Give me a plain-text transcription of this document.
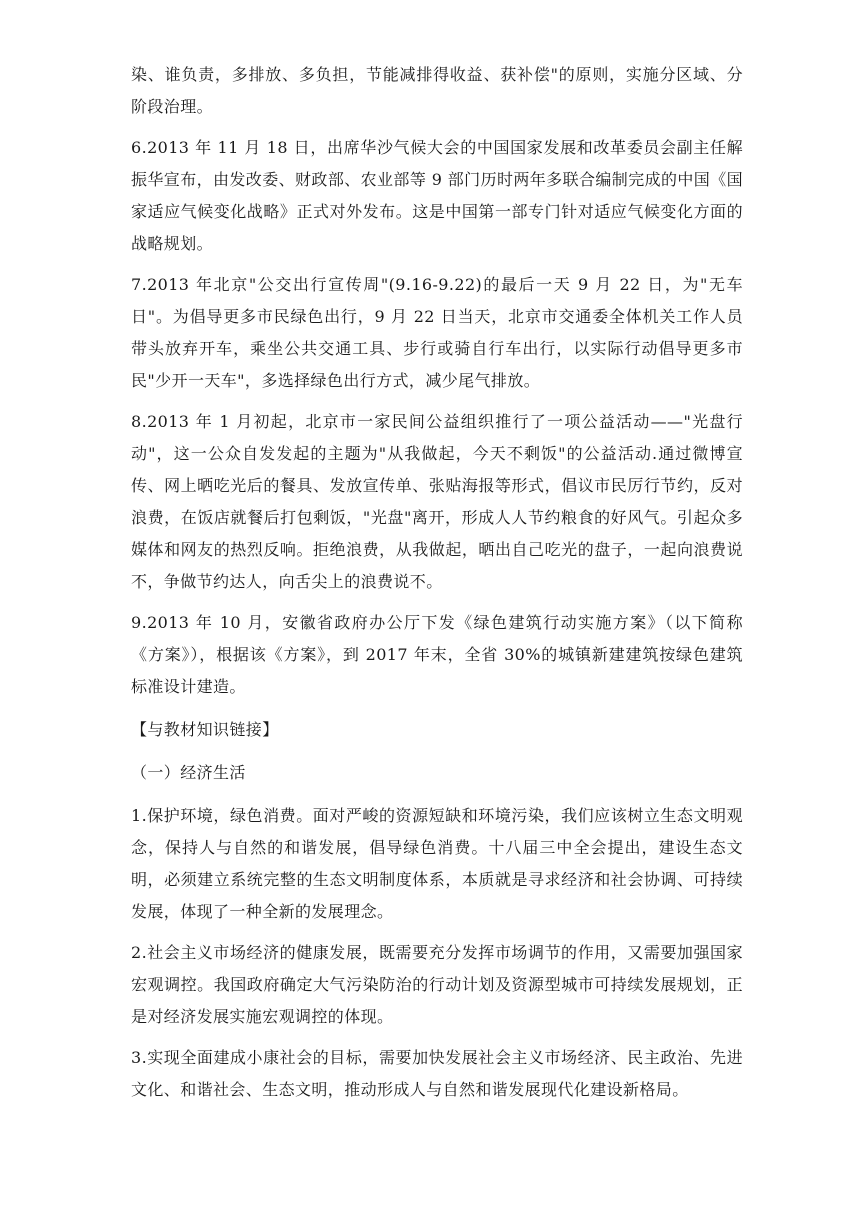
染、谁负责，多排放、多负担，节能减排得收益、获补偿"的原则，实施分区域、分阶段治理。

6.2013 年 11 月 18 日，出席华沙气候大会的中国国家发展和改革委员会副主任解振华宣布，由发改委、财政部、农业部等 9 部门历时两年多联合编制完成的中国《国家适应气候变化战略》正式对外发布。这是中国第一部专门针对适应气候变化方面的战略规划。

7.2013 年北京"公交出行宣传周"(9.16-9.22)的最后一天 9 月 22 日，为"无车日"。为倡导更多市民绿色出行，9 月 22 日当天，北京市交通委全体机关工作人员带头放弃开车，乘坐公共交通工具、步行或骑自行车出行，以实际行动倡导更多市民"少开一天车"，多选择绿色出行方式，减少尾气排放。

8.2013 年 1 月初起，北京市一家民间公益组织推行了一项公益活动——"光盘行动"，这一公众自发发起的主题为"从我做起，今天不剩饭"的公益活动.通过微博宣传、网上晒吃光后的餐具、发放宣传单、张贴海报等形式，倡议市民厉行节约，反对浪费，在饭店就餐后打包剩饭，"光盘"离开，形成人人节约粮食的好风气。引起众多媒体和网友的热烈反响。拒绝浪费，从我做起，晒出自己吃光的盘子，一起向浪费说不，争做节约达人，向舌尖上的浪费说不。

9.2013 年 10 月，安徽省政府办公厅下发《绿色建筑行动实施方案》（以下简称《方案》），根据该《方案》，到 2017 年末，全省 30%的城镇新建建筑按绿色建筑标准设计建造。

【与教材知识链接】

（一）经济生活

1.保护环境，绿色消费。面对严峻的资源短缺和环境污染，我们应该树立生态文明观念，保持人与自然的和谐发展，倡导绿色消费。十八届三中全会提出，建设生态文明，必须建立系统完整的生态文明制度体系，本质就是寻求经济和社会协调、可持续发展，体现了一种全新的发展理念。

2.社会主义市场经济的健康发展，既需要充分发挥市场调节的作用，又需要加强国家宏观调控。我国政府确定大气污染防治的行动计划及资源型城市可持续发展规划，正是对经济发展实施宏观调控的体现。

3.实现全面建成小康社会的目标，需要加快发展社会主义市场经济、民主政治、先进文化、和谐社会、生态文明，推动形成人与自然和谐发展现代化建设新格局。
